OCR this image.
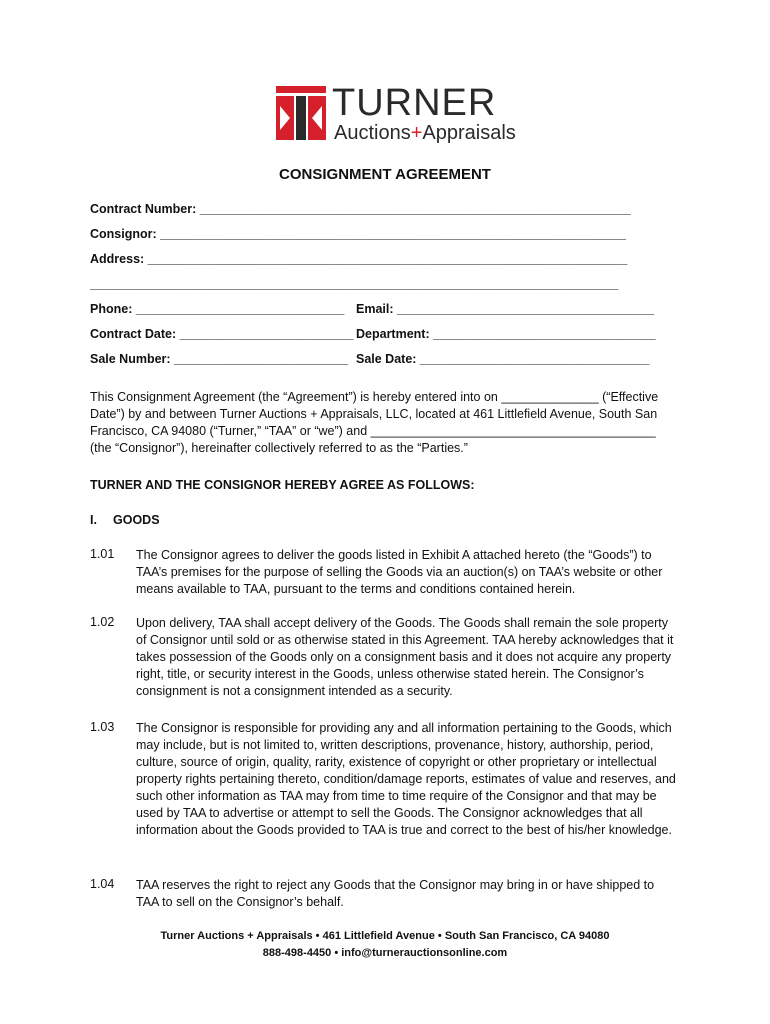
TURNER
Auctions+Appraisals
CONSIGNMENT AGREEMENT
Contract Number: ______________________________________________________________
Consignor: ___________________________________________________________________
Address: _____________________________________________________________________
____________________________________________________________________________
Phone: ______________________________ Email: _____________________________________
Contract Date: _________________________ Department: ________________________________
Sale Number: _________________________ Sale Date: _________________________________
This Consignment Agreement (the “Agreement”) is hereby entered into on ______________ (“Effective Date”) by and between Turner Auctions + Appraisals, LLC, located at 461 Littlefield Avenue, South San Francisco, CA 94080 (“Turner,” “TAA” or “we”) and _________________________________________ (the “Consignor”), hereinafter collectively referred to as the “Parties.”
TURNER AND THE CONSIGNOR HEREBY AGREE AS FOLLOWS:
I. GOODS
1.01 The Consignor agrees to deliver the goods listed in Exhibit A attached hereto (the “Goods”) to TAA’s premises for the purpose of selling the Goods via an auction(s) on TAA’s website or other means available to TAA, pursuant to the terms and conditions contained herein.
1.02 Upon delivery, TAA shall accept delivery of the Goods. The Goods shall remain the sole property of Consignor until sold or as otherwise stated in this Agreement. TAA hereby acknowledges that it takes possession of the Goods only on a consignment basis and it does not acquire any property right, title, or security interest in the Goods, unless otherwise stated herein. The Consignor’s consignment is not a consignment intended as a security.
1.03 The Consignor is responsible for providing any and all information pertaining to the Goods, which may include, but is not limited to, written descriptions, provenance, history, authorship, period, culture, source of origin, quality, rarity, existence of copyright or other proprietary or intellectual property rights pertaining thereto, condition/damage reports, estimates of value and reserves, and such other information as TAA may from time to time require of the Consignor and that may be used by TAA to advertise or attempt to sell the Goods. The Consignor acknowledges that all information about the Goods provided to TAA is true and correct to the best of his/her knowledge.
1.04 TAA reserves the right to reject any Goods that the Consignor may bring in or have shipped to TAA to sell on the Consignor’s behalf.
Turner Auctions + Appraisals • 461 Littlefield Avenue • South San Francisco, CA 94080
888-498-4450 • info@turnerauctionsonline.com
